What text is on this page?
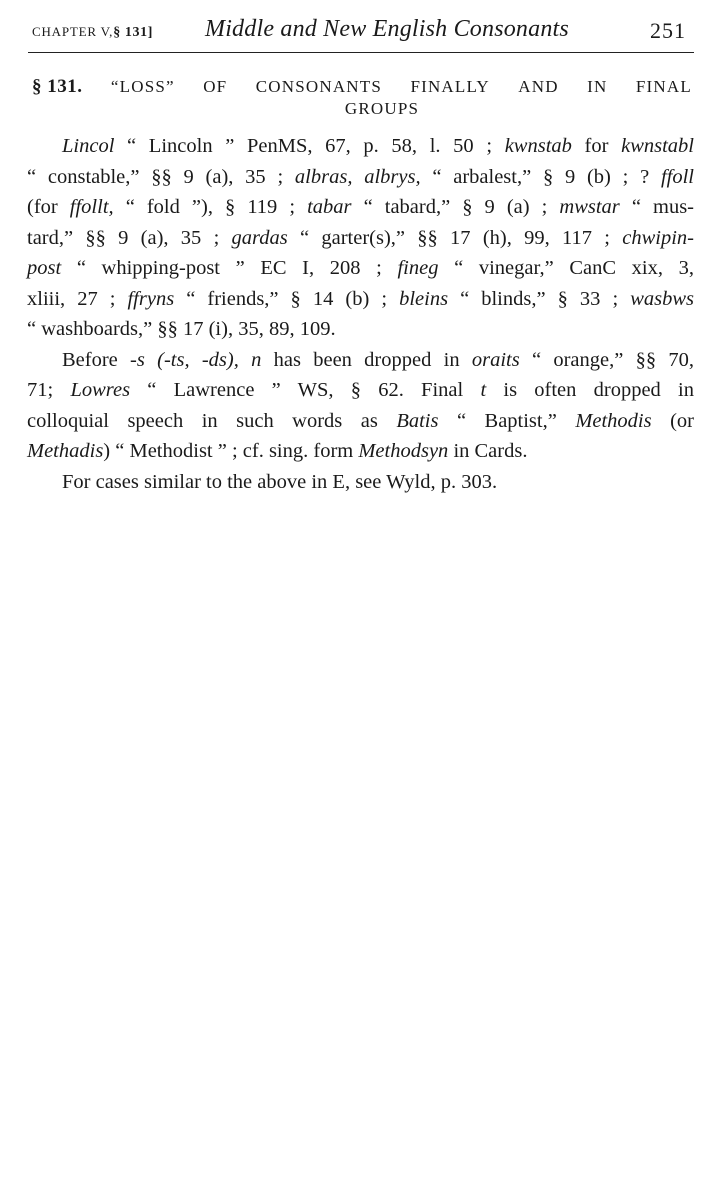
CHAPTER V,§ 131] Middle and New English Consonants	251
§ 131. “LOSS” OF CONSONANTS FINALLY AND IN FINAL
GROUPS
Lincol “ Lincoln ” PenMS, 67, p. 58, l. 50 ; kwnstab for kwnstabl
“ constable,” §§ 9 (a), 35 ; albras, albrys, “ arbalest,” § 9 (b) ; ? ffoll
(for ffollt, “ fold ”), § 119 ; tabar “ tabard,” § 9 (a) ; mwstar “ mus-
tard,” §§ 9 (a), 35 ; gardas “ garter(s),” §§ 17 (h), 99, 117 ; chwipin-
post “ whipping-post ” EC I, 208 ; fineg “ vinegar,” CanC xix, 3,
xliii, 27 ; ffryns “ friends,” § 14 (b) ; bleins “ blinds,” § 33 ; wasbws
“ washboards,” §§ 17 (i), 35, 89, 109.
Before -s (-ts, -ds), n has been dropped in oraits “ orange,” §§ 70,
71; Lowres “ Lawrence ” WS, § 62. Final t is often dropped in
colloquial speech in such words as Batis “ Baptist,” Methodis (or
Methadis) “ Methodist ” ; cf. sing. form Methodsyn in Cards.
For cases similar to the above in E, see Wyld, p. 303.
